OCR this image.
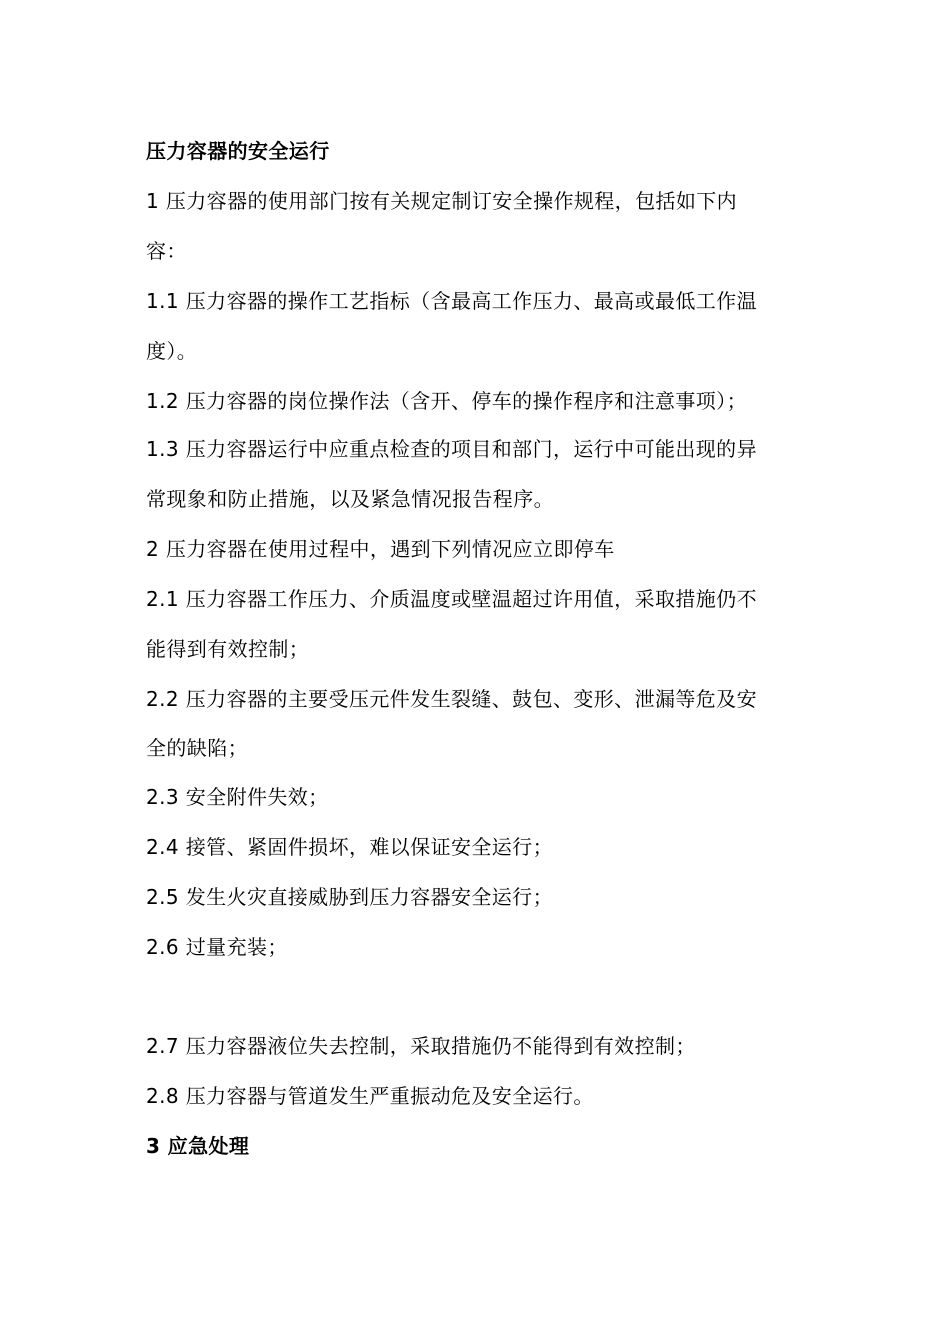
压力容器的安全运行
1 压力容器的使用部门按有关规定制订安全操作规程，包括如下内
容：
1.1 压力容器的操作工艺指标（含最高工作压力、最高或最低工作温
度）。
1.2 压力容器的岗位操作法（含开、停车的操作程序和注意事项）；
1.3 压力容器运行中应重点检查的项目和部门，运行中可能出现的异
常现象和防止措施，以及紧急情况报告程序。
2 压力容器在使用过程中，遇到下列情况应立即停车
2.1 压力容器工作压力、介质温度或壁温超过许用值，采取措施仍不
能得到有效控制；
2.2 压力容器的主要受压元件发生裂缝、鼓包、变形、泄漏等危及安
全的缺陷；
2.3 安全附件失效；
2.4 接管、紧固件损坏，难以保证安全运行；
2.5 发生火灾直接威胁到压力容器安全运行；
2.6 过量充装；
2.7 压力容器液位失去控制，采取措施仍不能得到有效控制；
2.8 压力容器与管道发生严重振动危及安全运行。
3 应急处理
